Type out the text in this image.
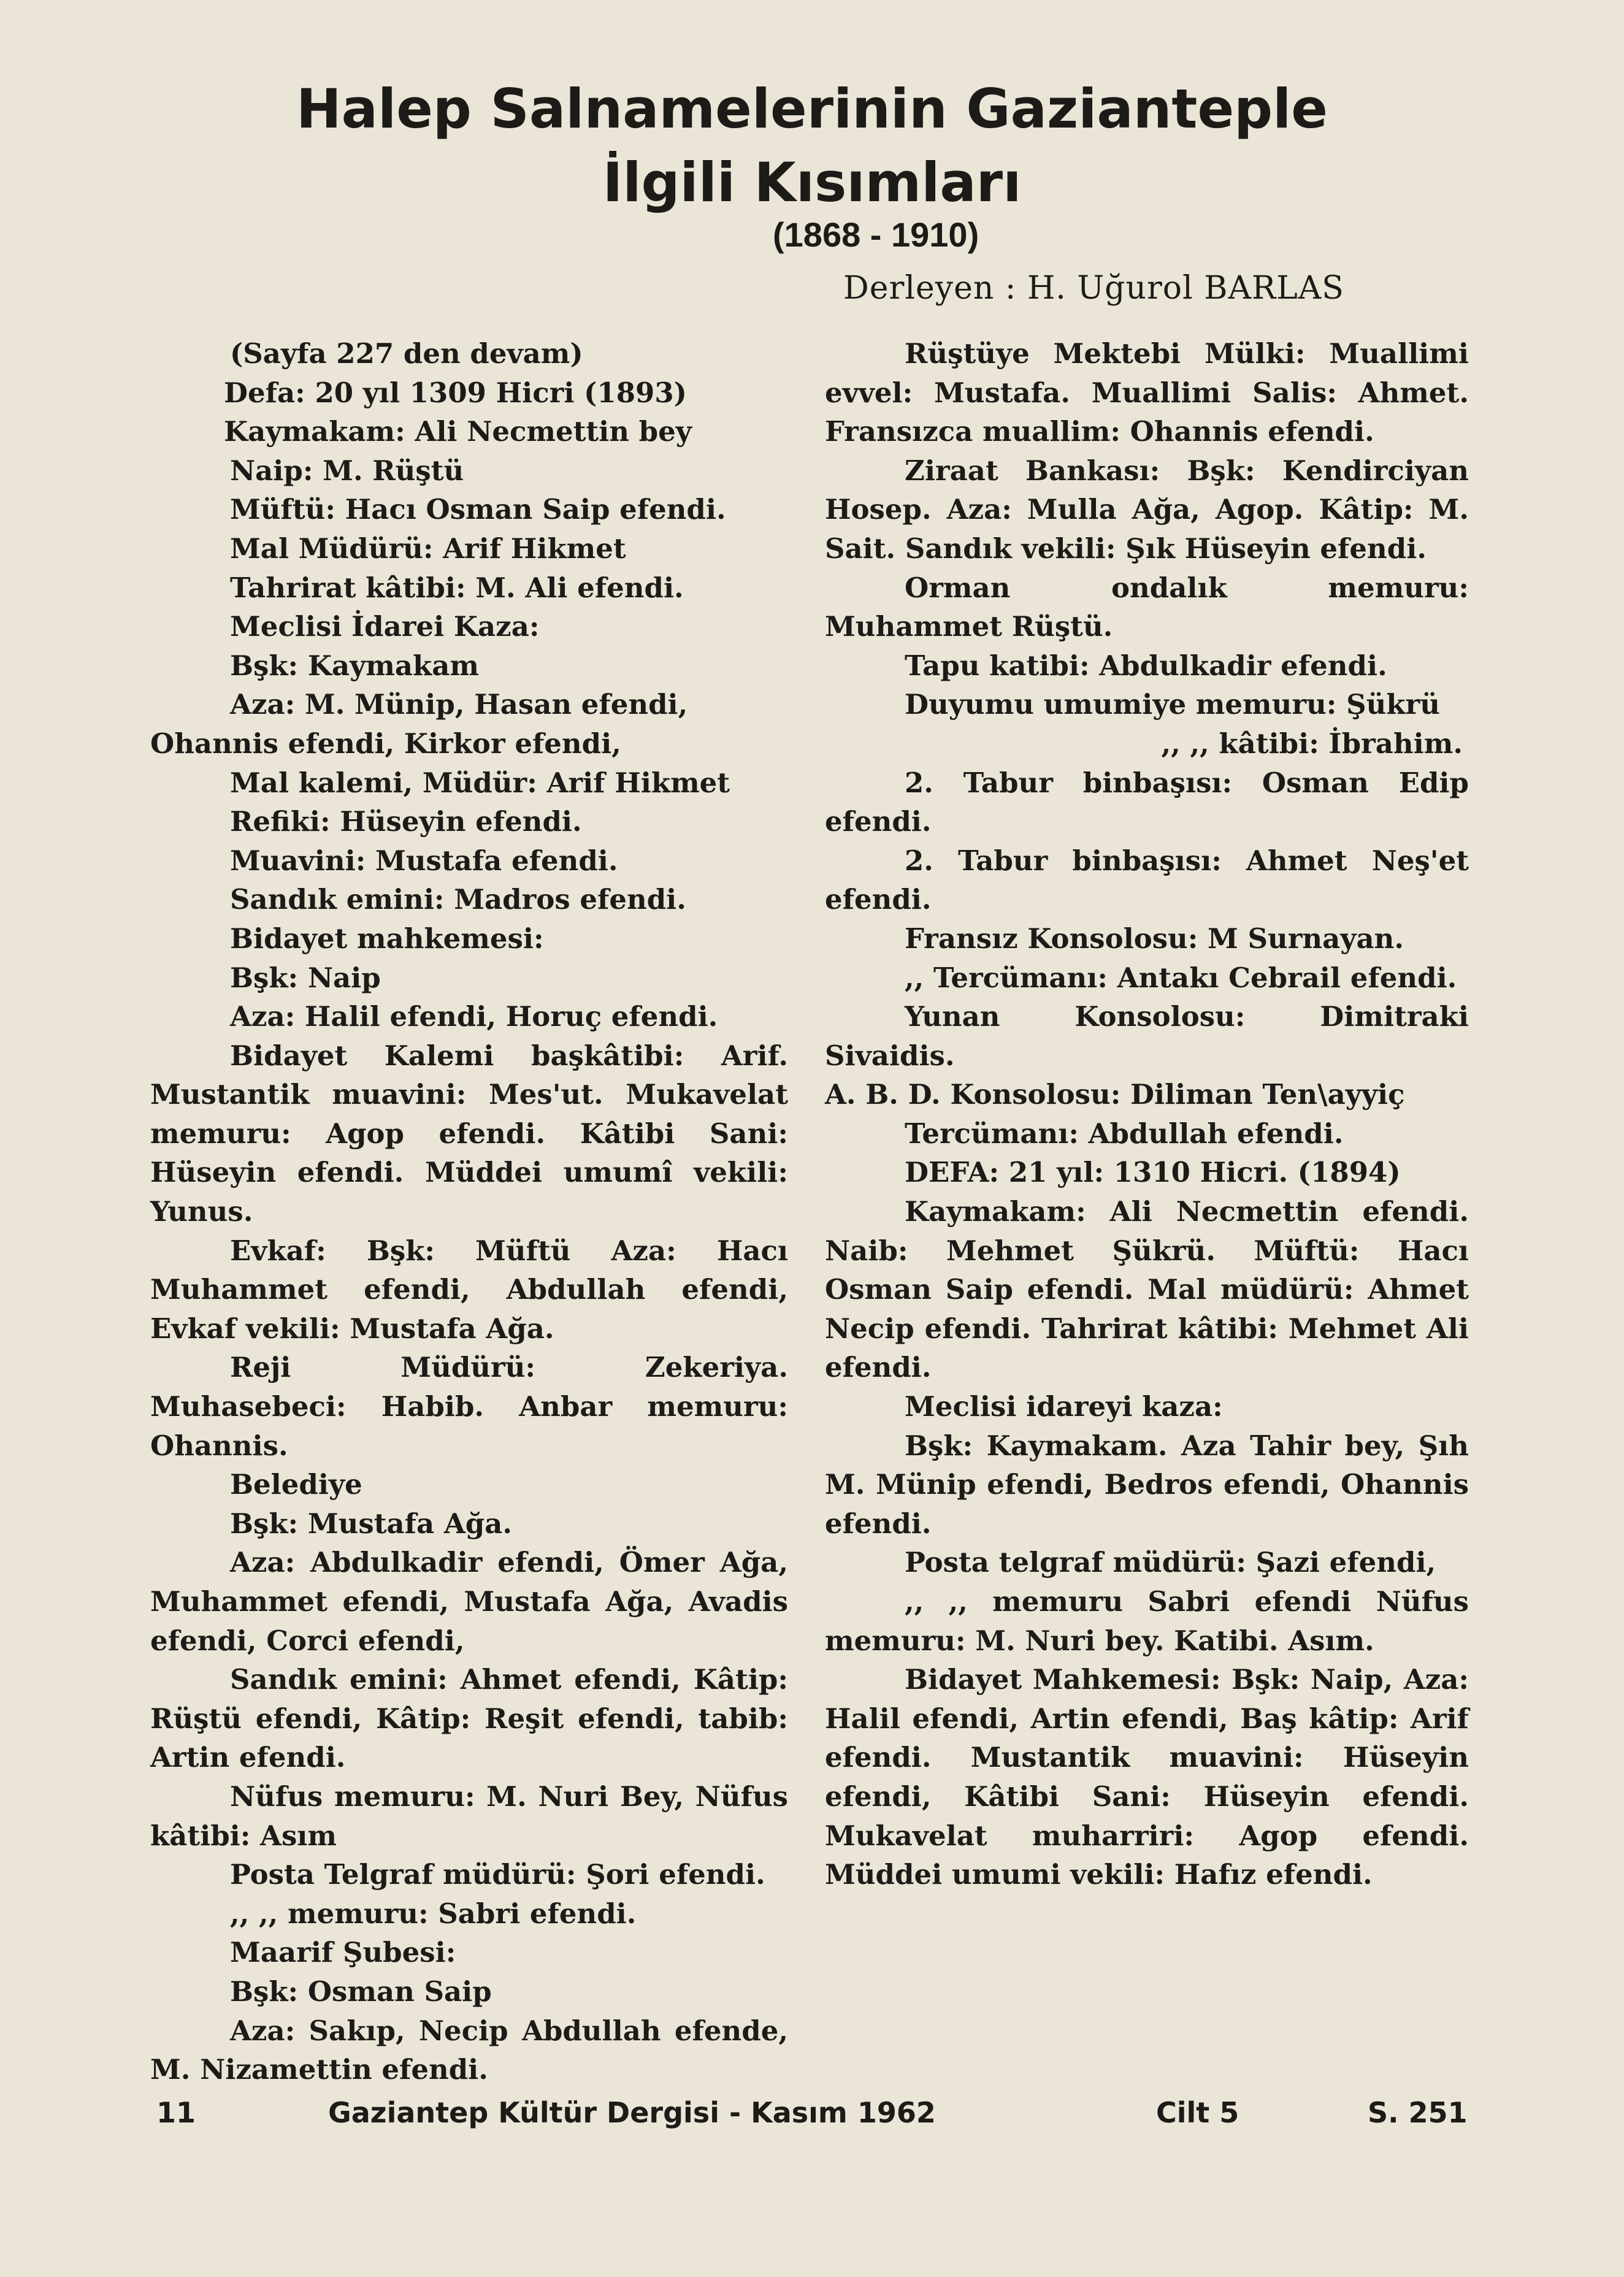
Halep Salnamelerinin Gazianteple
İlgili Kısımları
(1868 - 1910)
Derleyen : H. Uğurol BARLAS

(Sayfa 227 den devam)

Defa: 20 yıl 1309 Hicri (1893)

Kaymakam: Ali Necmettin bey

Naip: M. Rüştü

Müftü: Hacı Osman Saip efendi.

Mal Müdürü: Arif Hikmet

Tahrirat kâtibi: M. Ali efendi.

Meclisi İdarei Kaza:

Bşk: Kaymakam

Aza: M. Münip, Hasan efendi,

Ohannis efendi, Kirkor efendi,

Mal kalemi, Müdür: Arif Hikmet

Refiki: Hüseyin efendi.

Muavini: Mustafa efendi.

Sandık emini: Madros efendi.

Bidayet mahkemesi:

Bşk: Naip

Aza: Halil efendi, Horuç efendi.

Bidayet Kalemi başkâtibi: Arif. Mustantik muavini: Mes'ut. Mukavelat memuru: Agop efendi. Kâtibi Sani: Hüseyin efendi. Müddei umumî vekili: Yunus.

Evkaf: Bşk: Müftü Aza: Hacı Muhammet efendi, Abdullah efendi, Evkaf vekili: Mustafa Ağa.

Reji Müdürü: Zekeriya. Muhasebeci: Habib. Anbar memuru: Ohannis.

Belediye

Bşk: Mustafa Ağa.

Aza: Abdulkadir efendi, Ömer Ağa, Muhammet efendi, Mustafa Ağa, Avadis efendi, Corci efendi,

Sandık emini: Ahmet efendi, Kâtip: Rüştü efendi, Kâtip: Reşit efendi, tabib: Artin efendi.

Nüfus memuru: M. Nuri Bey, Nüfus kâtibi: Asım

Posta Telgraf müdürü: Şori efendi.

,, ,, memuru: Sabri efendi.

Maarif Şubesi:

Bşk: Osman Saip

Aza: Sakıp, Necip Abdullah efende, M. Nizamettin efendi.

Rüştüye Mektebi Mülki: Muallimi evvel: Mustafa. Muallimi Salis: Ahmet. Fransızca muallim: Ohannis efendi.

Ziraat Bankası: Bşk: Kendirciyan Hosep. Aza: Mulla Ağa, Agop. Kâtip: M. Sait. Sandık vekili: Şık Hüseyin efendi.

Orman ondalık memuru: Muhammet Rüştü.

Tapu katibi: Abdulkadir efendi.

Duyumu umumiye memuru: Şükrü

,, ,, kâtibi: İbrahim.

2. Tabur binbaşısı: Osman Edip efendi.

2. Tabur binbaşısı: Ahmet Neş'et efendi.

Fransız Konsolosu: M Surnayan.

,, Tercümanı: Antakı Cebrail efendi.

Yunan Konsolosu: Dimitraki Sivaidis.

A. B. D. Konsolosu: Diliman Ten\ayyiç

Tercümanı: Abdullah efendi.

DEFA: 21 yıl: 1310 Hicri. (1894)

Kaymakam: Ali Necmettin efendi. Naib: Mehmet Şükrü. Müftü: Hacı Osman Saip efendi. Mal müdürü: Ahmet Necip efendi. Tahrirat kâtibi: Mehmet Ali efendi.

Meclisi idareyi kaza:

Bşk: Kaymakam. Aza Tahir bey, Şıh M. Münip efendi, Bedros efendi, Ohannis efendi.

Posta telgraf müdürü: Şazi efendi,

,, ,, memuru Sabri efendi Nüfus memuru: M. Nuri bey. Katibi. Asım.

Bidayet Mahkemesi: Bşk: Naip, Aza: Halil efendi, Artin efendi, Baş kâtip: Arif efendi. Mustantik muavini: Hüseyin efendi, Kâtibi Sani: Hüseyin efendi. Mukavelat muharriri: Agop efendi. Müddei umumi vekili: Hafız efendi.

11	Gaziantep Kültür Dergisi - Kasım 1962	Cilt 5	S. 251
